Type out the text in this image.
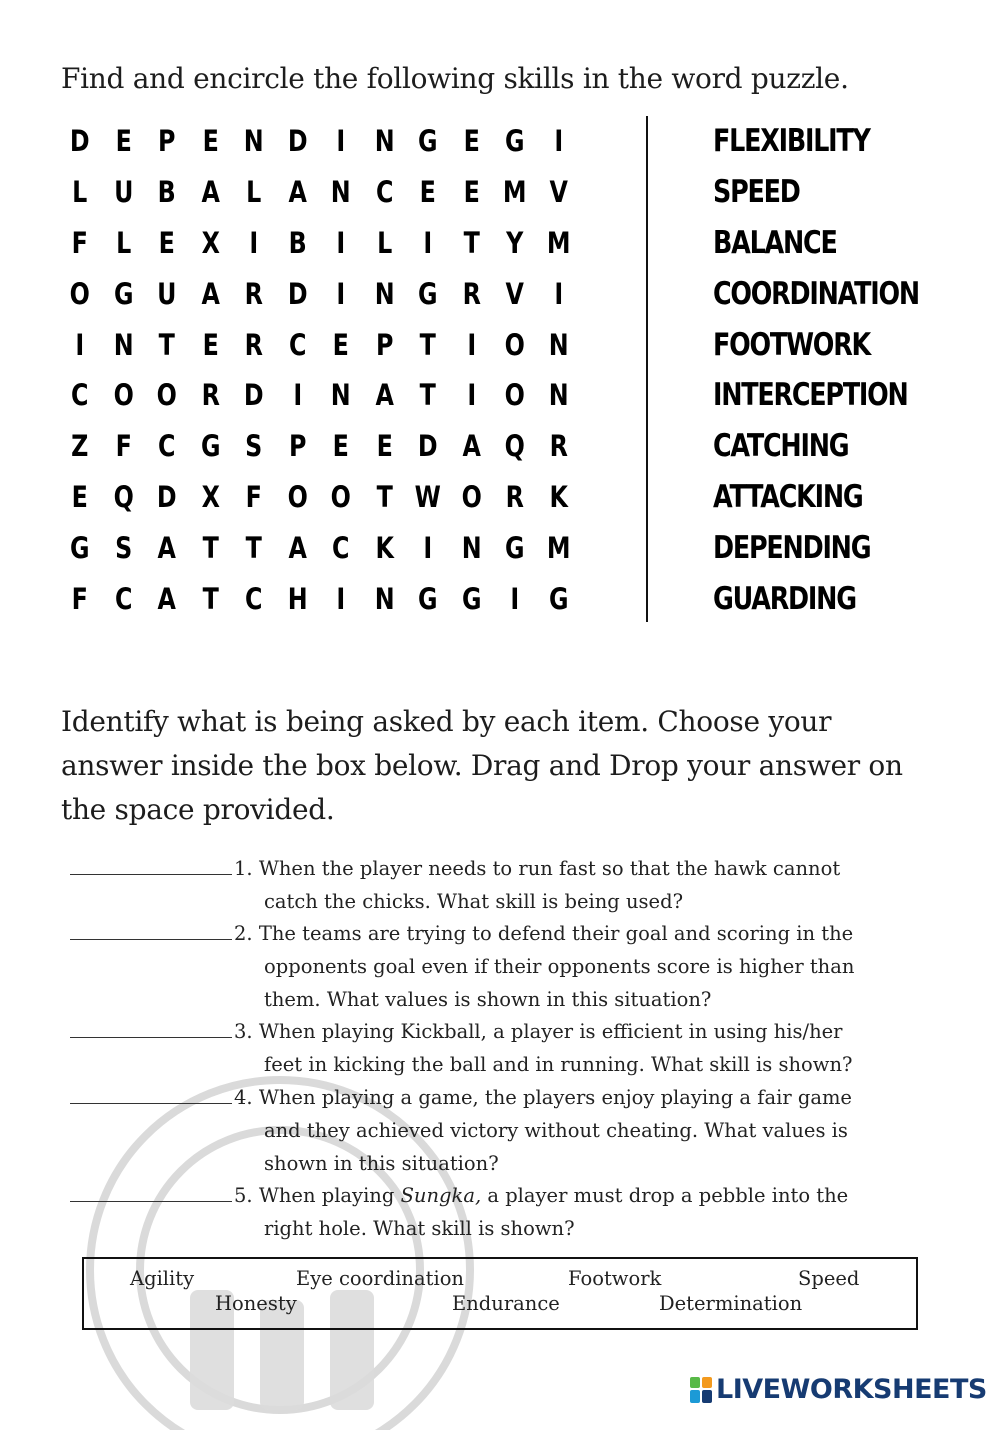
Find and encircle the following skills in the word puzzle.

D E P E N D	I	N G E G	I
L U B A L A N C E E M V
F L E X	I	B	I	L	I	T Y M
O G U A R D	I	N G R V	I
I	N T E R C E P T	I O N
C O O R D	I	N A T	I O N
Z F C G S P E E D A Q R
E Q D X F O O T W O R K
G S A T T A C K	I	N G M
F C A T C H	I	N G G	I	G
FLEXIBILITY
SPEED
BALANCE
COORDINATION
FOOTWORK
INTERCEPTION
CATCHING
ATTACKING
DEPENDING
GUARDING

Identify what is being asked by each item. Choose your answer inside the box below. Drag and Drop your answer on the space provided.

1. When the player needs to run fast so that the hawk cannot
catch the chicks. What skill is being used?
2. The teams are trying to defend their goal and scoring in the
opponents goal even if their opponents score is higher than
them. What values is shown in this situation?
3. When playing Kickball, a player is efficient in using his/her
feet in kicking the ball and in running. What skill is shown?
4. When playing a game, the players enjoy playing a fair game
and they achieved victory without cheating. What values is
shown in this situation?
5. When playing Sungka, a player must drop a pebble into the
right hole. What skill is shown?
Agility	Eye coordination	Footwork	Speed
Honesty	Endurance	Determination
LIVEWORKSHEETS
